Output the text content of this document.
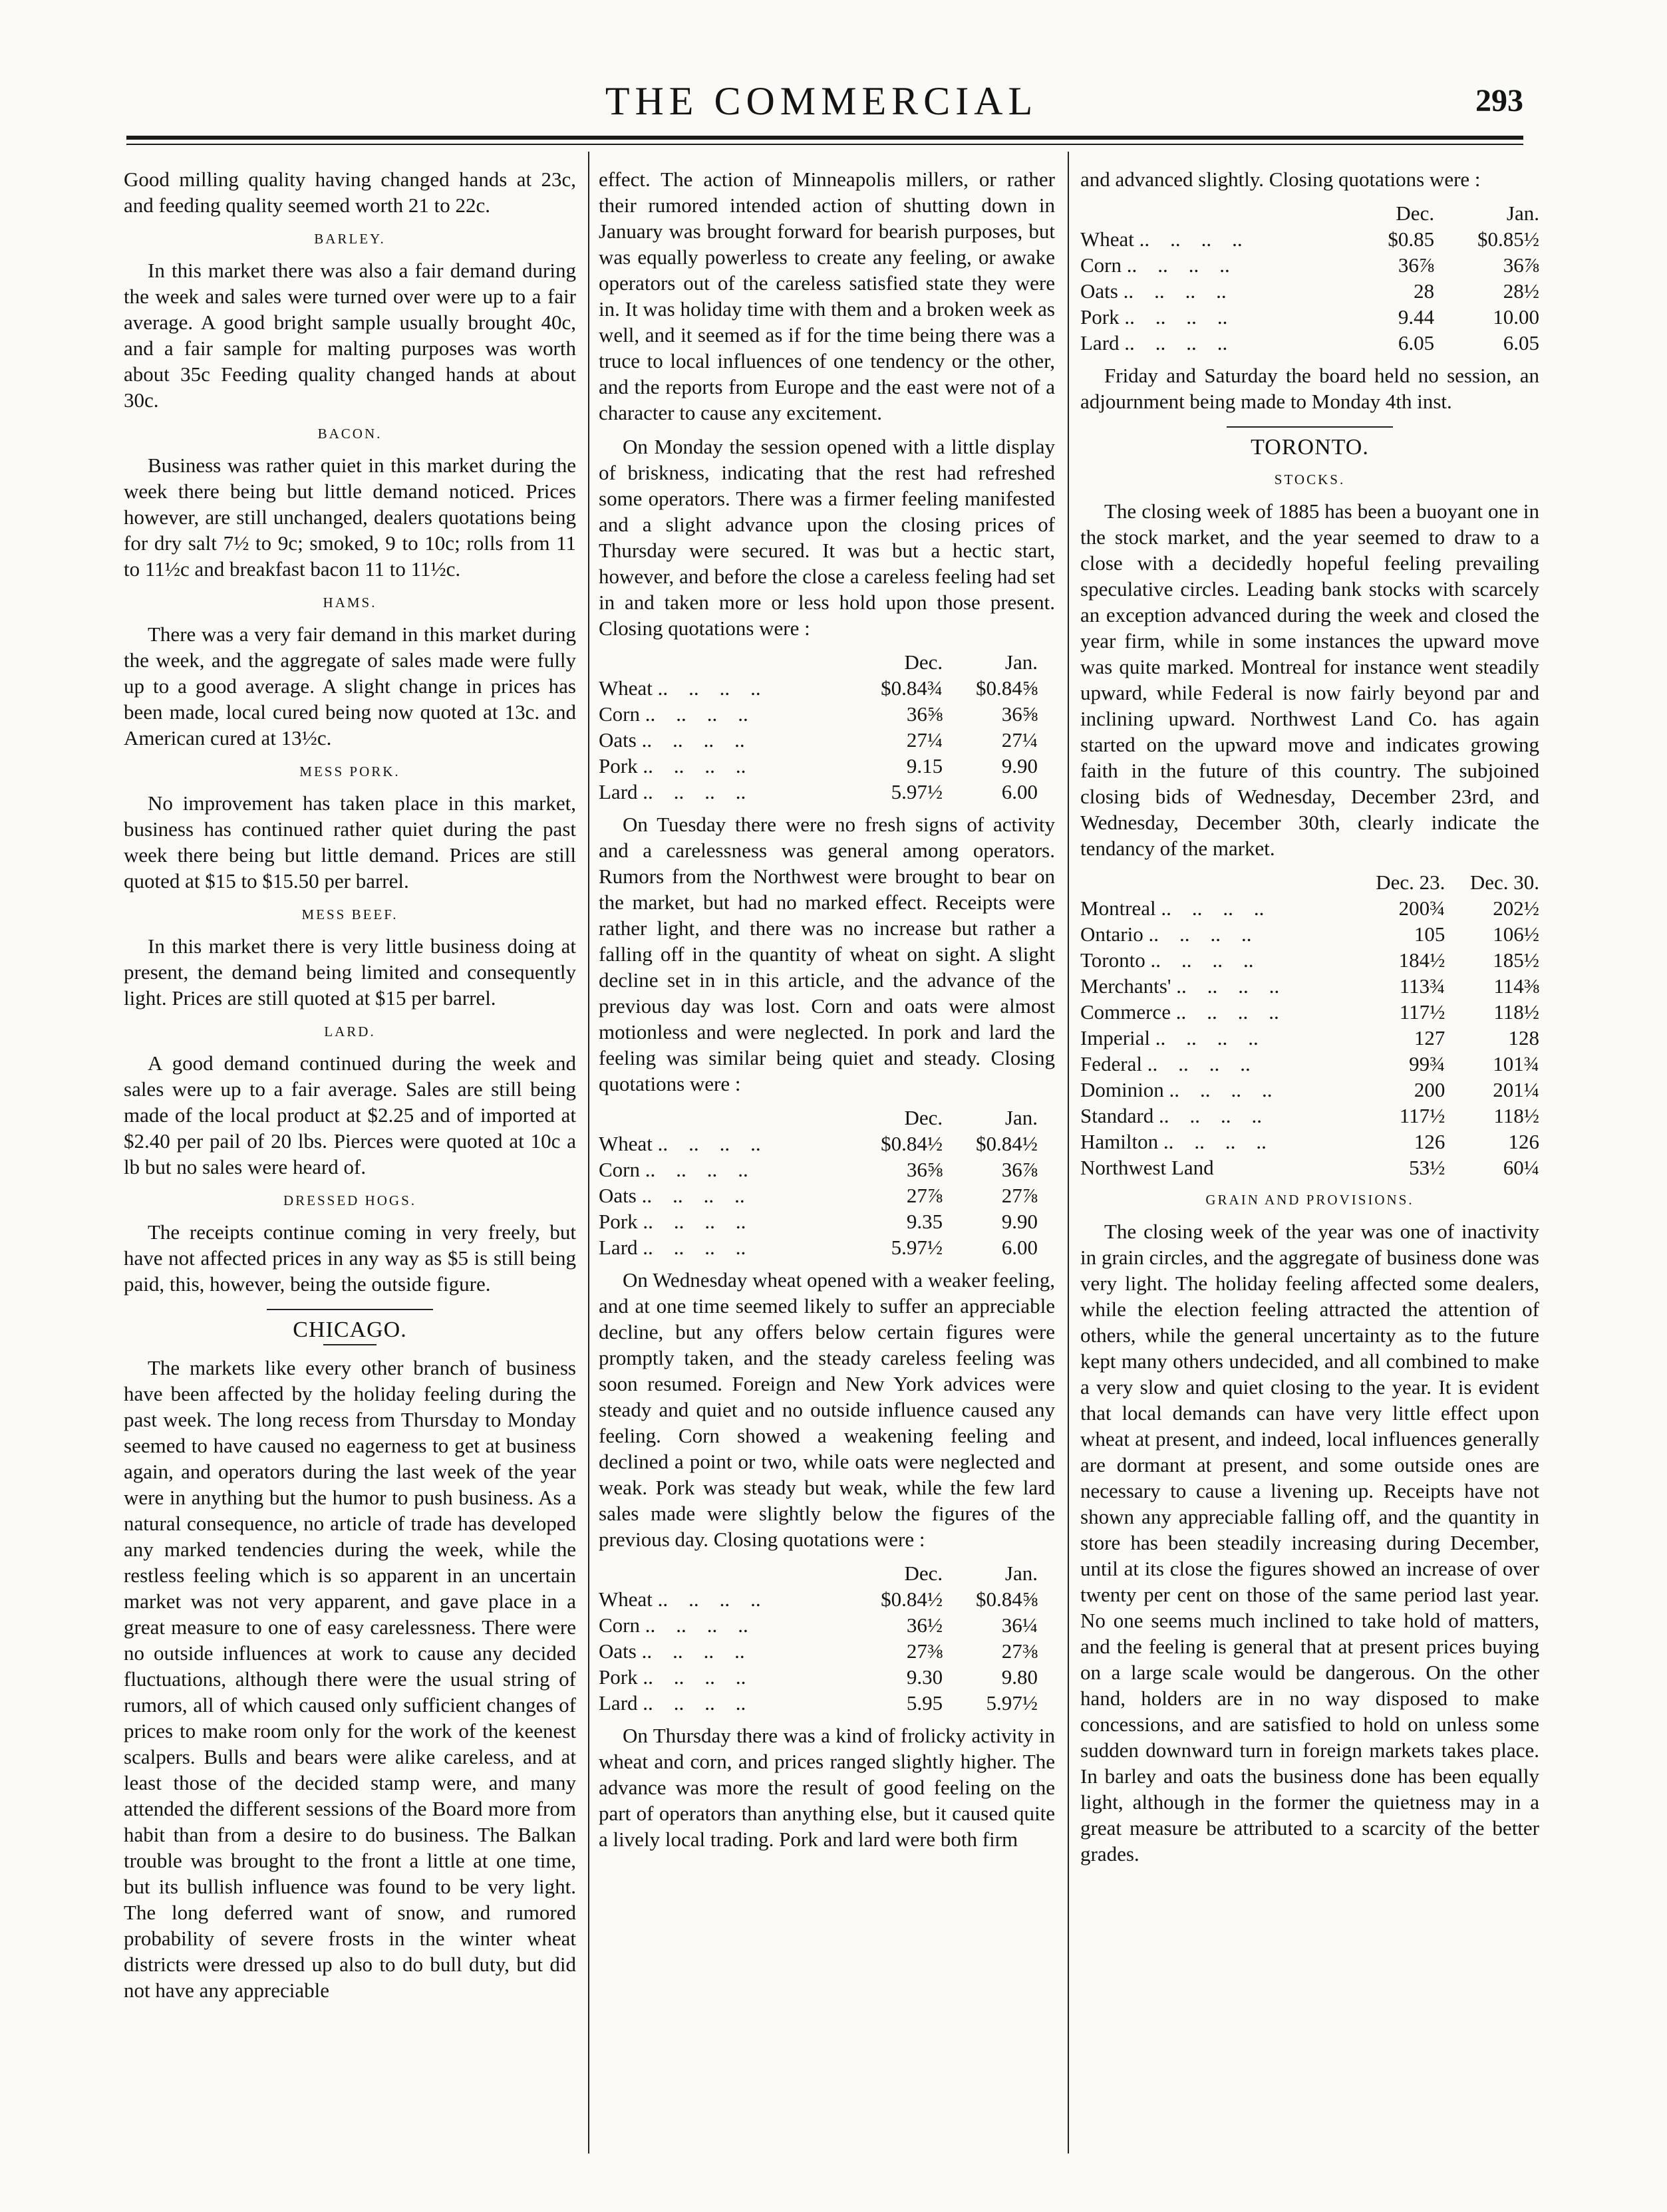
THE COMMERCIAL	293

Good milling quality having changed hands at 23c, and feeding quality seemed worth 21 to 22c.

BARLEY.

In this market there was also a fair demand during the week and sales were turned over were up to a fair average. A good bright sample usually brought 40c, and a fair sample for malting purposes was worth about 35c Feeding quality changed hands at about 30c.

BACON.

Business was rather quiet in this market during the week there being but little demand noticed. Prices however, are still unchanged, dealers quotations being for dry salt 7½ to 9c; smoked, 9 to 10c; rolls from 11 to 11½c and breakfast bacon 11 to 11½c.

HAMS.

There was a very fair demand in this market during the week, and the aggregate of sales made were fully up to a good average. A slight change in prices has been made, local cured being now quoted at 13c. and American cured at 13½c.

MESS PORK.

No improvement has taken place in this market, business has continued rather quiet during the past week there being but little demand. Prices are still quoted at $15 to $15.50 per barrel.

MESS BEEF.

In this market there is very little business doing at present, the demand being limited and consequently light. Prices are still quoted at $15 per barrel.

LARD.

A good demand continued during the week and sales were up to a fair average. Sales are still being made of the local product at $2.25 and of imported at $2.40 per pail of 20 lbs. Pierces were quoted at 10c a lb but no sales were heard of.

DRESSED HOGS.

The receipts continue coming in very freely, but have not affected prices in any way as $5 is still being paid, this, however, being the outside figure.

CHICAGO.

The markets like every other branch of business have been affected by the holiday feeling during the past week. The long recess from Thursday to Monday seemed to have caused no eagerness to get at business again, and operators during the last week of the year were in anything but the humor to push business. As a natural consequence, no article of trade has developed any marked tendencies during the week, while the restless feeling which is so apparent in an uncertain market was not very apparent, and gave place in a great measure to one of easy carelessness. There were no outside influences at work to cause any decided fluctuations, although there were the usual string of rumors, all of which caused only sufficient changes of prices to make room only for the work of the keenest scalpers. Bulls and bears were alike careless, and at least those of the decided stamp were, and many attended the different sessions of the Board more from habit than from a desire to do business. The Balkan trouble was brought to the front a little at one time, but its bullish influence was found to be very light. The long deferred want of snow, and rumored probability of severe frosts in the winter wheat districts were dressed up also to do bull duty, but did not have any appreciable

effect. The action of Minneapolis millers, or rather their rumored intended action of shutting down in January was brought forward for bearish purposes, but was equally powerless to create any feeling, or awake operators out of the careless satisfied state they were in. It was holiday time with them and a broken week as well, and it seemed as if for the time being there was a truce to local influences of one tendency or the other, and the reports from Europe and the east were not of a character to cause any excitement.

On Monday the session opened with a little display of briskness, indicating that the rest had refreshed some operators. There was a firmer feeling manifested and a slight advance upon the closing prices of Thursday were secured. It was but a hectic start, however, and before the close a careless feeling had set in and taken more or less hold upon those present. Closing quotations were :

	Dec.	Jan.
Wheat ..    ..    ..    ..	$0.84¾	$0.84⅝
Corn ..    ..    ..    ..	36⅝	36⅝
Oats ..    ..    ..    ..	27¼	27¼
Pork ..    ..    ..    ..	9.15	9.90
Lard ..    ..    ..    ..	5.97½	6.00

On Tuesday there were no fresh signs of activity and a carelessness was general among operators. Rumors from the Northwest were brought to bear on the market, but had no marked effect. Receipts were rather light, and there was no increase but rather a falling off in the quantity of wheat on sight. A slight decline set in in this article, and the advance of the previous day was lost. Corn and oats were almost motionless and were neglected. In pork and lard the feeling was similar being quiet and steady. Closing quotations were :

	Dec.	Jan.
Wheat ..    ..    ..    ..	$0.84½	$0.84½
Corn ..    ..    ..    ..	36⅝	36⅞
Oats ..    ..    ..    ..	27⅞	27⅞
Pork ..    ..    ..    ..	9.35	9.90
Lard ..    ..    ..    ..	5.97½	6.00

On Wednesday wheat opened with a weaker feeling, and at one time seemed likely to suffer an appreciable decline, but any offers below certain figures were promptly taken, and the steady careless feeling was soon resumed. Foreign and New York advices were steady and quiet and no outside influence caused any feeling. Corn showed a weakening feeling and declined a point or two, while oats were neglected and weak. Pork was steady but weak, while the few lard sales made were slightly below the figures of the previous day. Closing quotations were :

	Dec.	Jan.
Wheat ..    ..    ..    ..	$0.84½	$0.84⅝
Corn ..    ..    ..    ..	36½	36¼
Oats ..    ..    ..    ..	27⅜	27⅜
Pork ..    ..    ..    ..	9.30	9.80
Lard ..    ..    ..    ..	5.95	5.97½

On Thursday there was a kind of frolicky activity in wheat and corn, and prices ranged slightly higher. The advance was more the result of good feeling on the part of operators than anything else, but it caused quite a lively local trading. Pork and lard were both firm

and advanced slightly. Closing quotations were :

	Dec.	Jan.
Wheat ..    ..    ..    ..	$0.85	$0.85½
Corn ..    ..    ..    ..	36⅞	36⅞
Oats ..    ..    ..    ..	28	28½
Pork ..    ..    ..    ..	9.44	10.00
Lard ..    ..    ..    ..	6.05	6.05

Friday and Saturday the board held no session, an adjournment being made to Monday 4th inst.

TORONTO.
STOCKS.

The closing week of 1885 has been a buoyant one in the stock market, and the year seemed to draw to a close with a decidedly hopeful feeling prevailing speculative circles. Leading bank stocks with scarcely an exception advanced during the week and closed the year firm, while in some instances the upward move was quite marked. Montreal for instance went steadily upward, while Federal is now fairly beyond par and inclining upward. Northwest Land Co. has again started on the upward move and indicates growing faith in the future of this country. The subjoined closing bids of Wednesday, December 23rd, and Wednesday, December 30th, clearly indicate the tendancy of the market.

	Dec. 23.	Dec. 30.
Montreal ..    ..    ..    ..	200¾	202½
Ontario ..    ..    ..    ..	105	106½
Toronto ..    ..    ..    ..	184½	185½
Merchants' ..    ..    ..    ..	113¾	114⅜
Commerce ..    ..    ..    ..	117½	118½
Imperial ..    ..    ..    ..	127	128
Federal ..    ..    ..    ..	99¾	101¾
Dominion ..    ..    ..    ..	200	201¼
Standard ..    ..    ..    ..	117½	118½
Hamilton ..    ..    ..    ..	126	126
Northwest Land	53½	60¼
GRAIN AND PROVISIONS.

The closing week of the year was one of inactivity in grain circles, and the aggregate of business done was very light. The holiday feeling affected some dealers, while the election feeling attracted the attention of others, while the general uncertainty as to the future kept many others undecided, and all combined to make a very slow and quiet closing to the year. It is evident that local demands can have very little effect upon wheat at present, and indeed, local influences generally are dormant at present, and some outside ones are necessary to cause a livening up. Receipts have not shown any appreciable falling off, and the quantity in store has been steadily increasing during December, until at its close the figures showed an increase of over twenty per cent on those of the same period last year. No one seems much inclined to take hold of matters, and the feeling is general that at present prices buying on a large scale would be dangerous. On the other hand, holders are in no way disposed to make concessions, and are satisfied to hold on unless some sudden downward turn in foreign markets takes place. In barley and oats the business done has been equally light, although in the former the quietness may in a great measure be attributed to a scarcity of the better grades.
